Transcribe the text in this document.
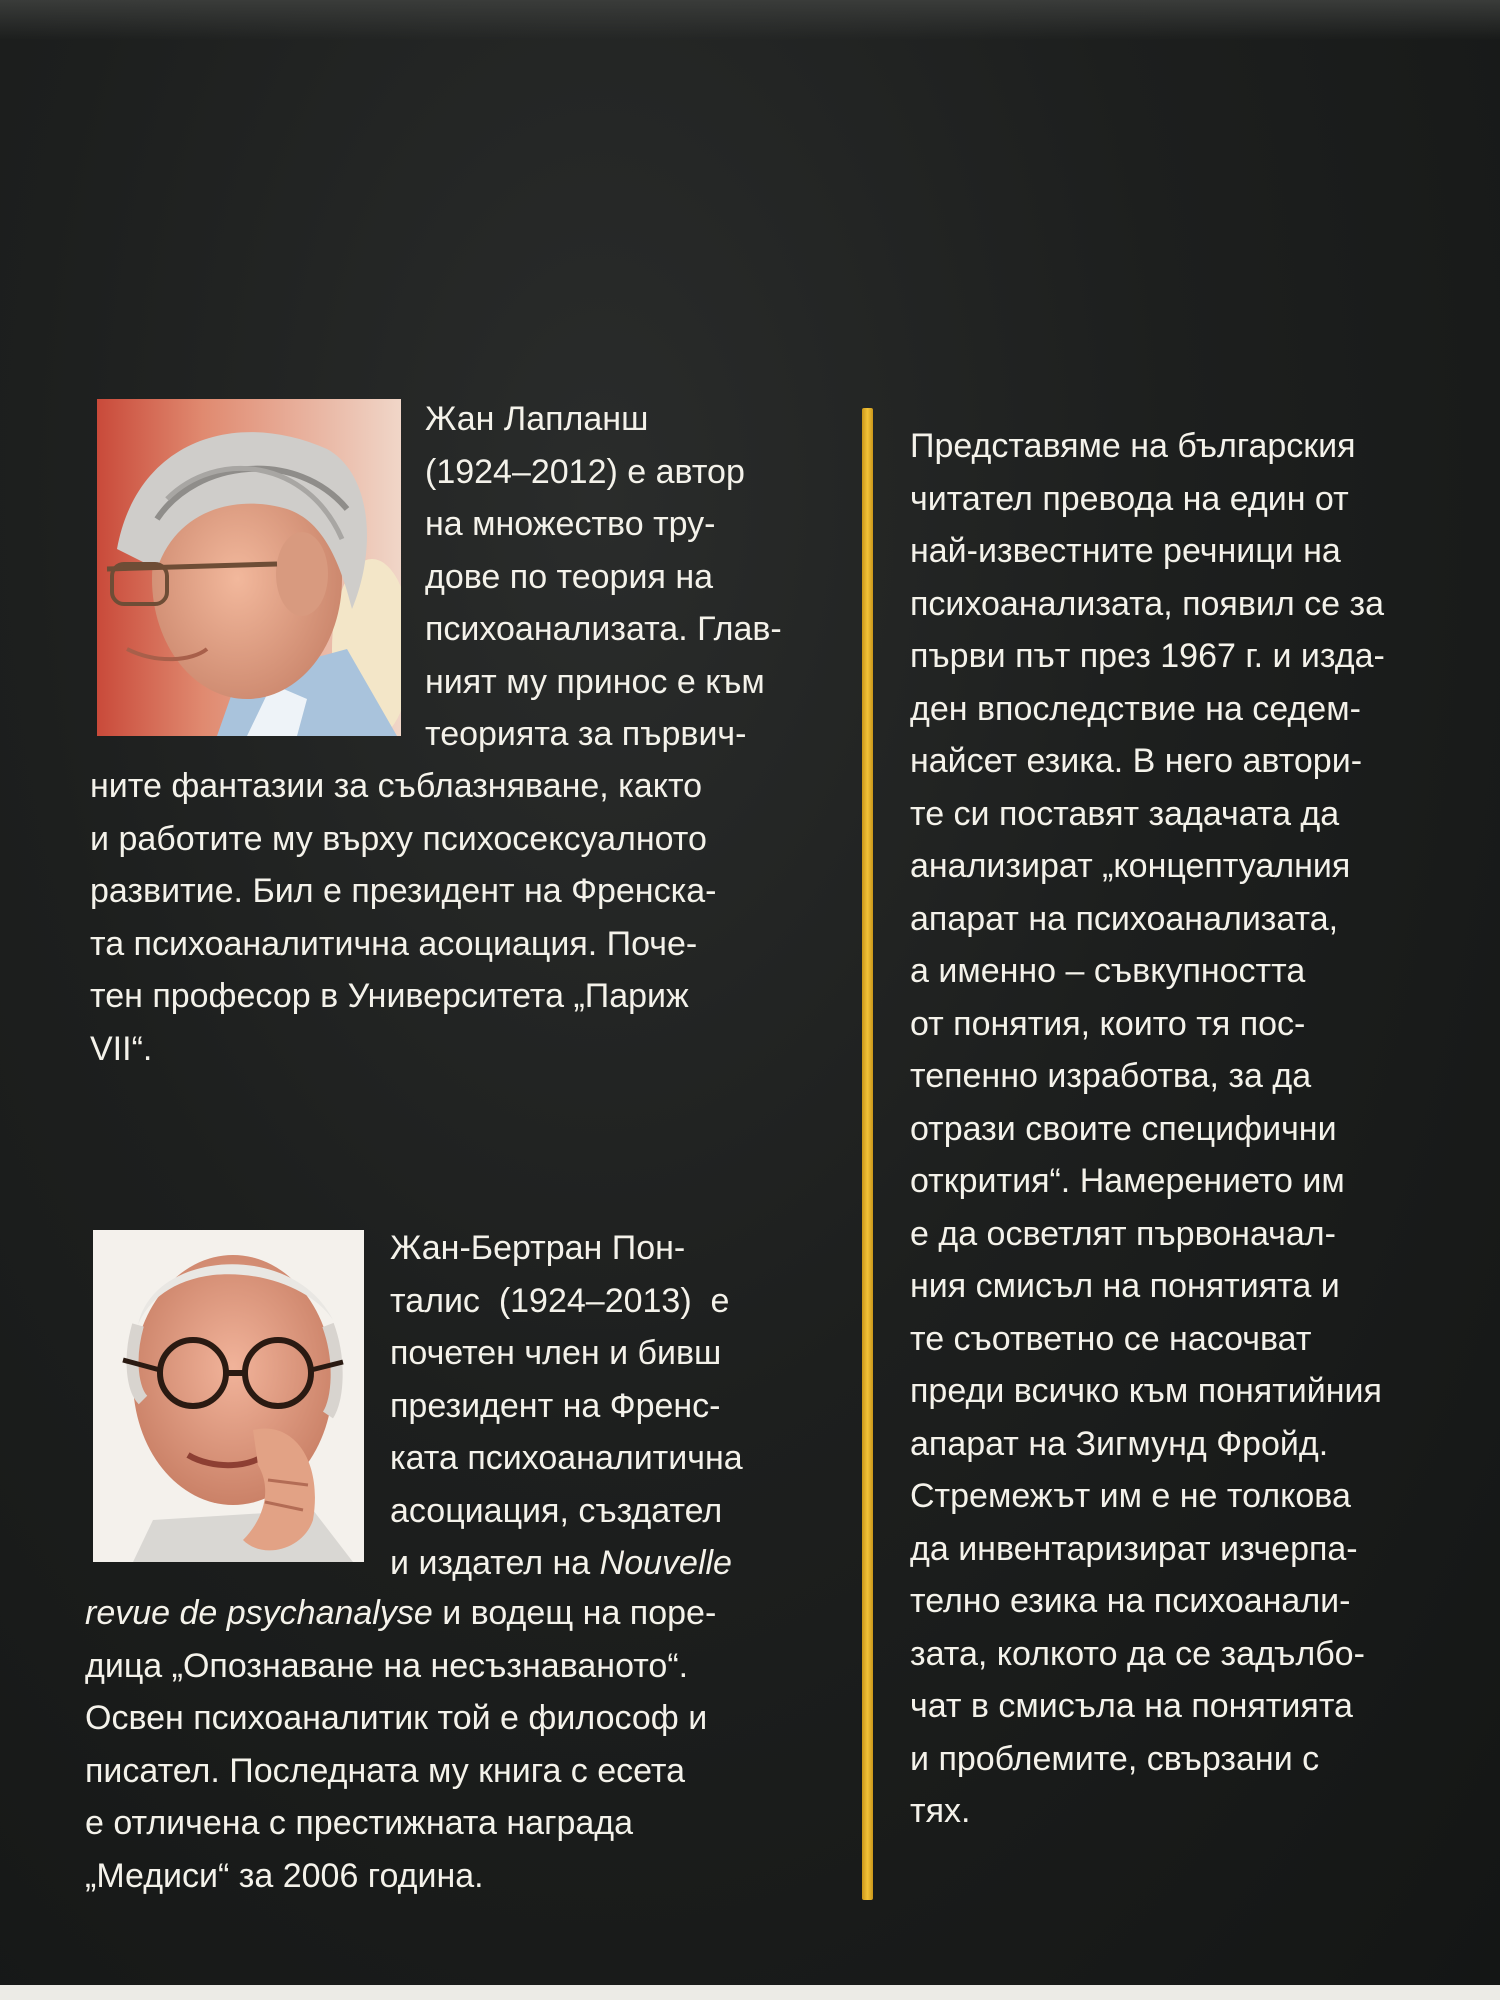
Жан Лапланш
(1924–2012) е автор
на множество тру-
дове по теория на
психоанализата. Глав-
ният му принос е към
теорията за първич-
ните фантазии за съблазняване, както
и работите му върху психосексуалното
развитие. Бил е президент на Френска-
та психоаналитична асоциация. Поче-
тен професор в Университета „Париж
VII“.
Жан-Бертран Пон-
талис  (1924–2013)  е
почетен член и бивш
президент на Френс-
ката психоаналитична
асоциация, създател
и издател на Nouvelle
revue de psychanalyse и водещ на поре-
дица „Опознаване на несъзнаваното“.
Освен психоаналитик той е философ и
писател. Последната му книга с есета
е отличена с престижната награда
„Медиси“ за 2006 година.
Представяме на българския
читател превода на един от
най-известните речници на
психоанализата, появил се за
първи път през 1967 г. и изда-
ден впоследствие на седем-
найсет езика. В него автори-
те си поставят задачата да
анализират „концептуалния
апарат на психоанализата,
а именно – съвкупността
от понятия, които тя пос-
тепенно изработва, за да
отрази своите специфични
открития“. Намерението им
е да осветлят първоначал-
ния смисъл на понятията и
те съответно се насочват
преди всичко към понятийния
апарат на Зигмунд Фройд.
Стремежът им е не толкова
да инвентаризират изчерпа-
телно езика на психоанали-
зата, колкото да се задълбо-
чат в смисъла на понятията
и проблемите, свързани с
тях.
